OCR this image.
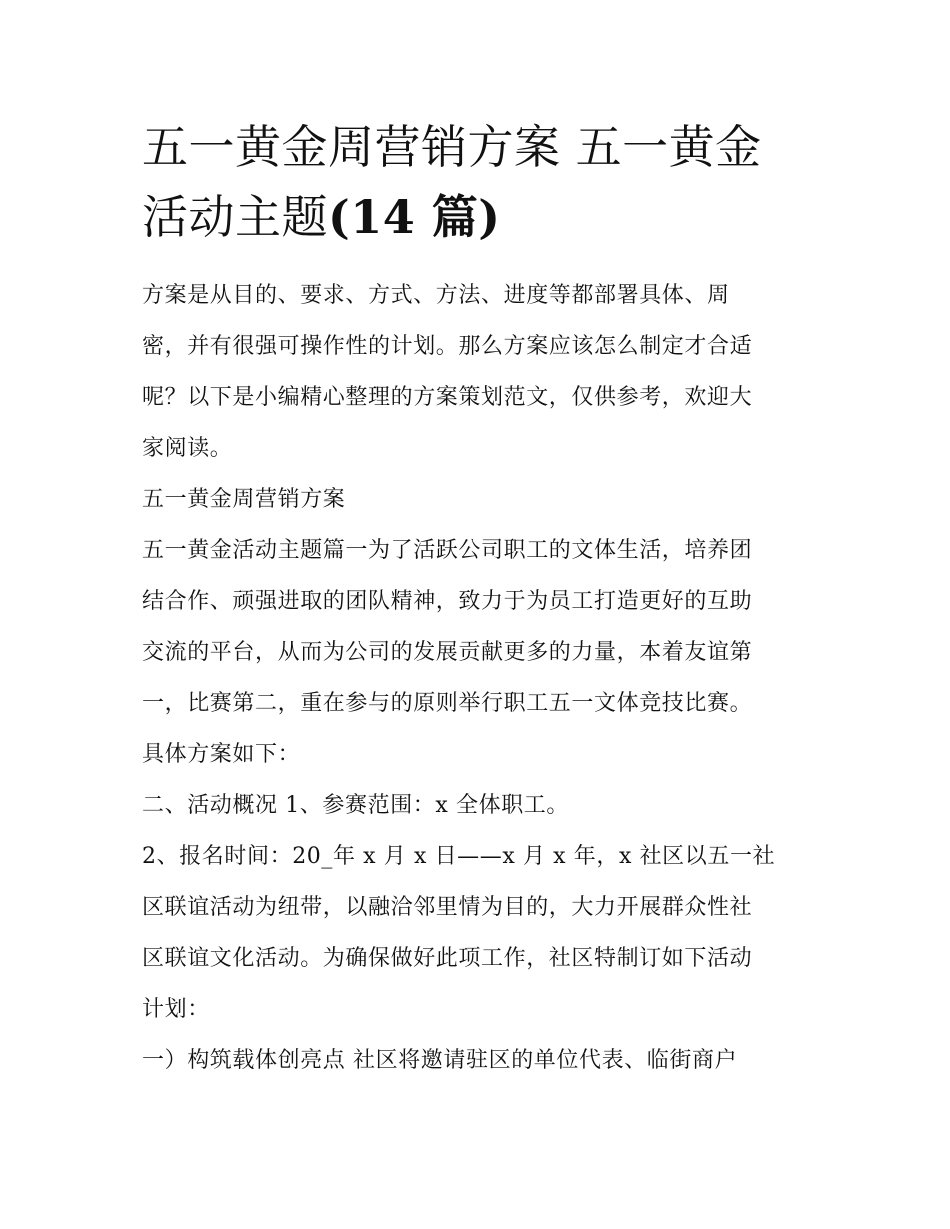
五一黄金周营销方案 五一黄金
活动主题(14 篇)
方案是从目的、要求、方式、方法、进度等都部署具体、周
密，并有很强可操作性的计划。那么方案应该怎么制定才合适
呢？以下是小编精心整理的方案策划范文，仅供参考，欢迎大
家阅读。
五一黄金周营销方案
五一黄金活动主题篇一为了活跃公司职工的文体生活，培养团
结合作、顽强进取的团队精神，致力于为员工打造更好的互助
交流的平台，从而为公司的发展贡献更多的力量，本着友谊第
一，比赛第二，重在参与的原则举行职工五一文体竞技比赛。
具体方案如下：
二、活动概况 1、参赛范围：x 全体职工。
2、报名时间：20_年 x 月 x 日——x 月 x 年，x 社区以五一社
区联谊活动为纽带，以融洽邻里情为目的，大力开展群众性社
区联谊文化活动。为确保做好此项工作，社区特制订如下活动
计划：
一）构筑载体创亮点 社区将邀请驻区的单位代表、临街商户
